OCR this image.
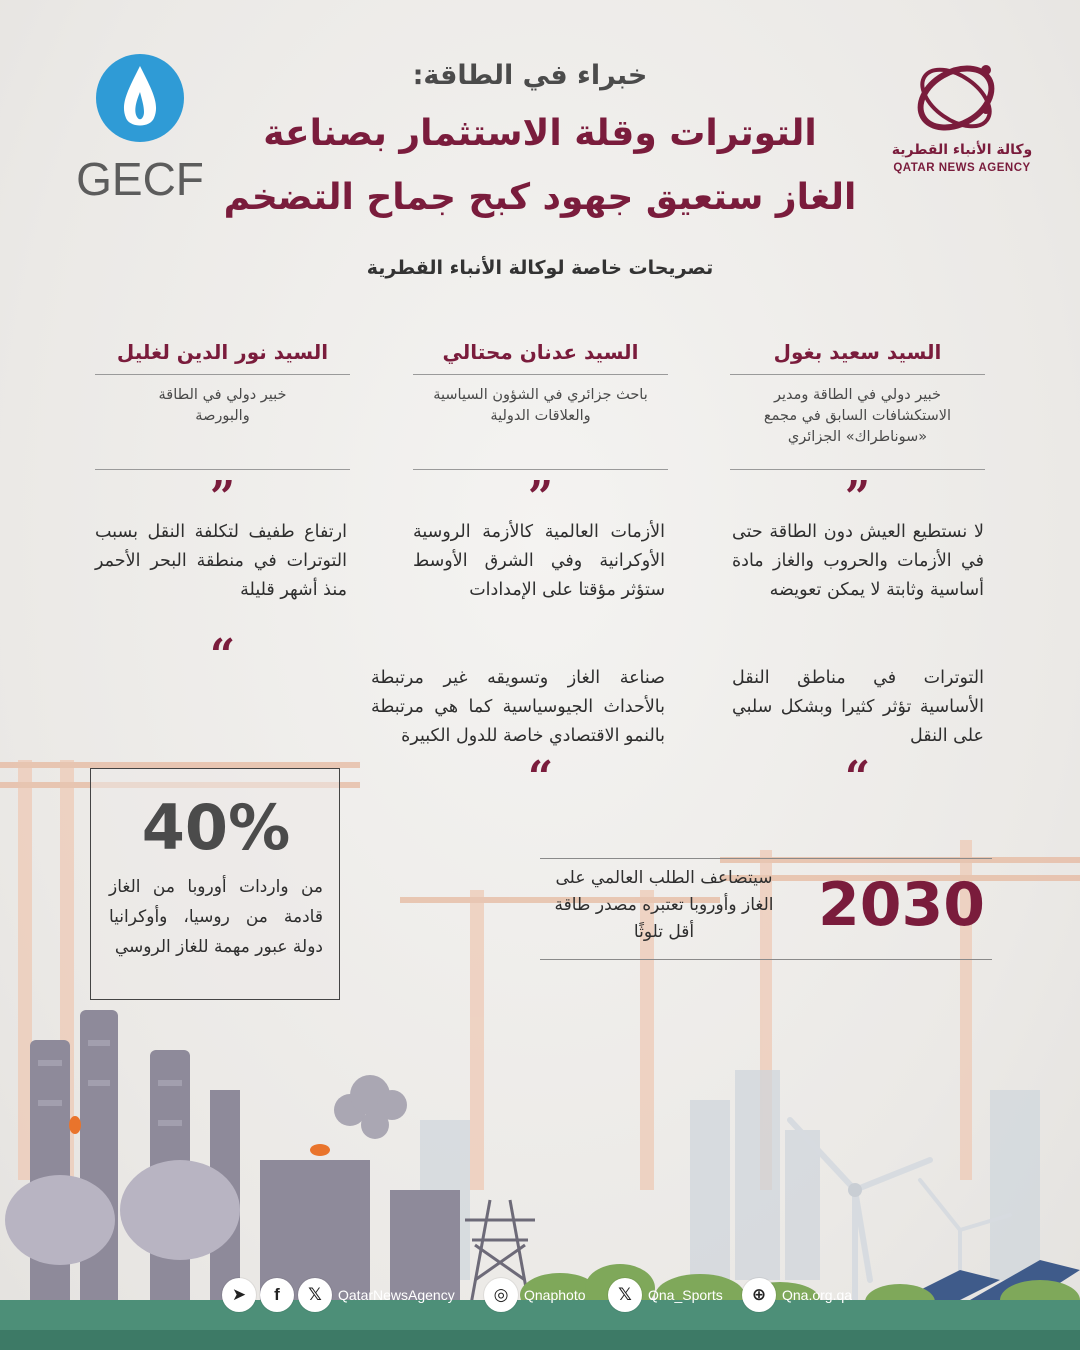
وكالة الأنباء القطرية
QATAR NEWS AGENCY
GECF
خبراء في الطاقة:
التوترات وقلة الاستثمار بصناعة
الغاز ستعيق جهود كبح جماح التضخم
تصريحات خاصة لوكالة الأنباء القطرية
السيد سعيد بغول
خبير دولي في الطاقة ومدير الاستكشافات السابق في مجمع «سوناطراك» الجزائري
”
لا نستطيع العيش دون الطاقة حتى في الأزمات والحروب والغاز مادة أساسية وثابتة لا يمكن تعويضه
التوترات في مناطق النقل الأساسية تؤثر كثيرا وبشكل سلبي على النقل
“
السيد عدنان محتالي
باحث جزائري في الشؤون السياسية والعلاقات الدولية
”
الأزمات العالمية كالأزمة الروسية الأوكرانية وفي الشرق الأوسط ستؤثر مؤقتا على الإمدادات
صناعة الغاز وتسويقه غير مرتبطة بالأحداث الجيوسياسية كما هي مرتبطة بالنمو الاقتصادي خاصة للدول الكبيرة
“
السيد نور الدين لغليل
خبير دولي في الطاقة والبورصة
”
ارتفاع طفيف لتكلفة النقل بسبب التوترات في منطقة البحر الأحمر منذ أشهر قليلة
“
40%
من واردات أوروبا من الغاز قادمة من روسيا، وأوكرانيا دولة عبور مهمة للغاز الروسي
2030
سيتضاعف الطلب العالمي على الغاز وأوروبا تعتبره مصدر طاقة أقل تلوثًا
➤ f 𝕏 QatarNewsAgency ◎ Qnaphoto 𝕏 Qna_Sports ⊕ Qna.org.qa
